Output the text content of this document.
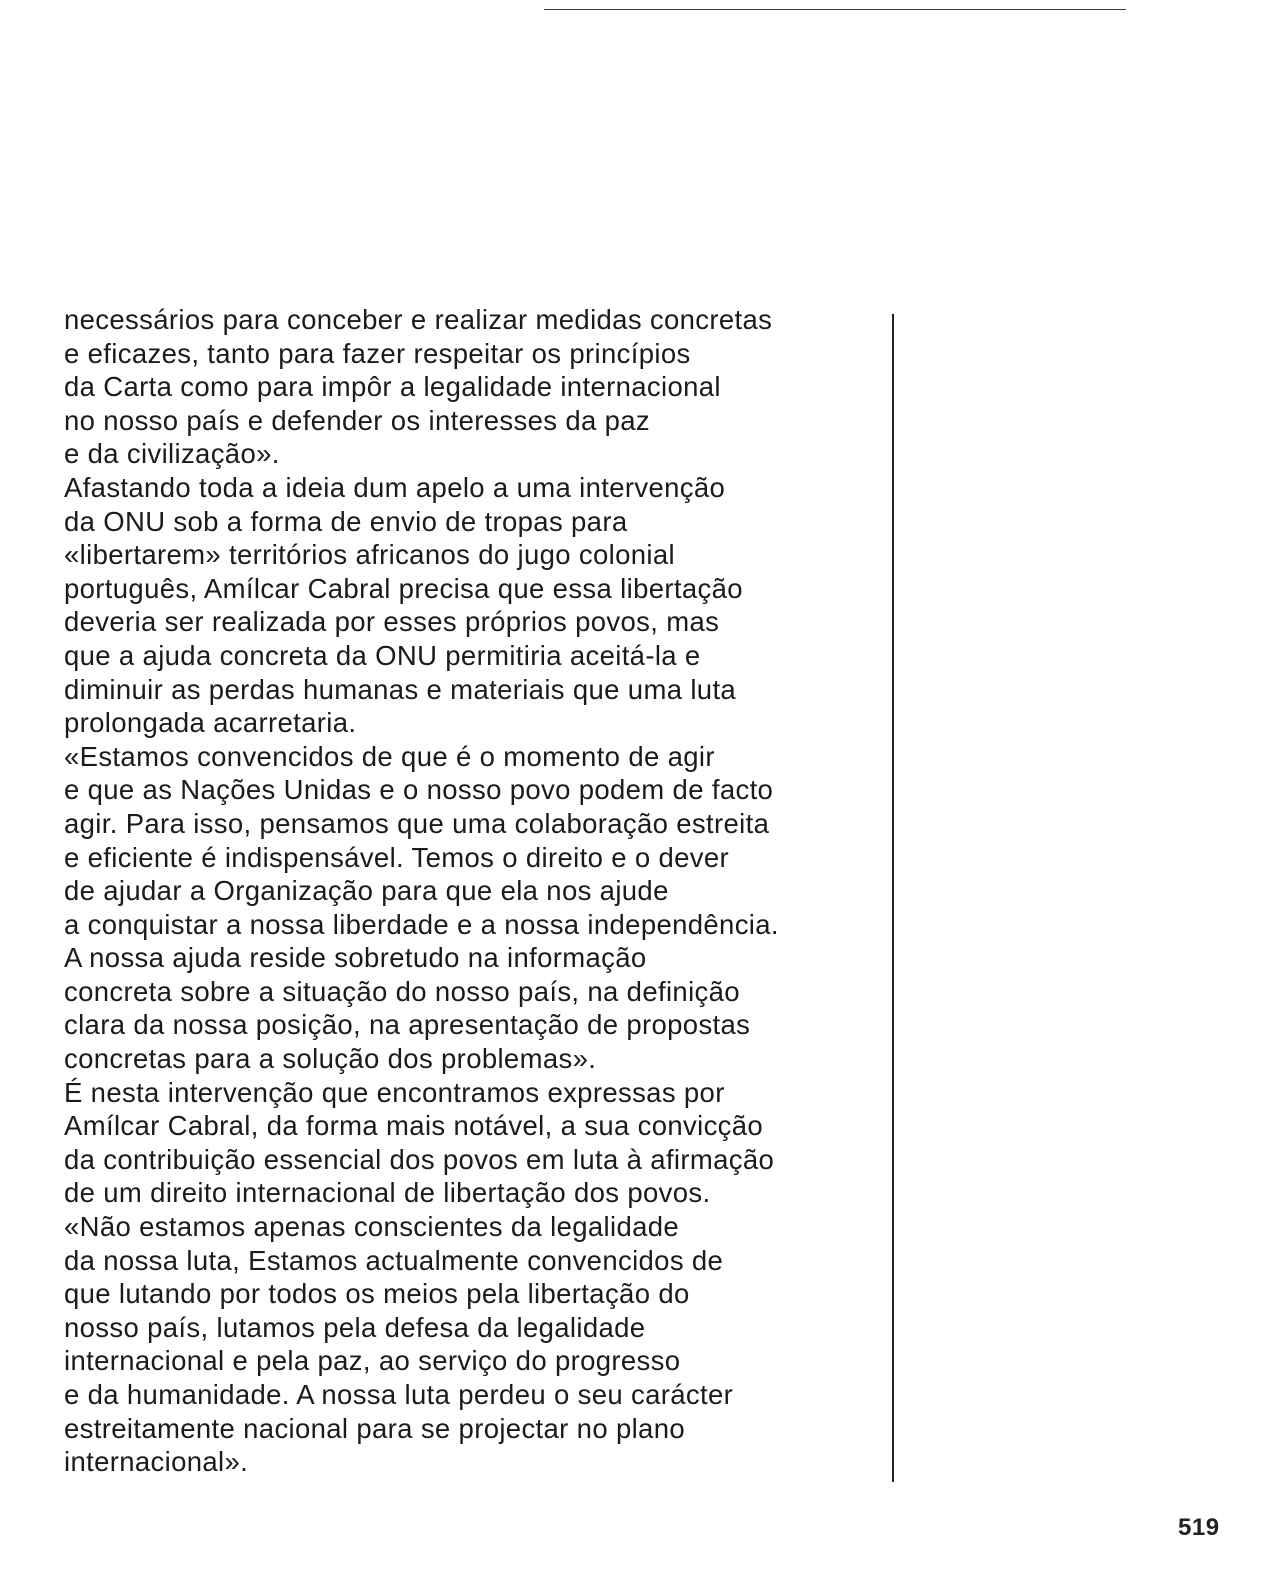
necessários para conceber e realizar medidas concretas
e eficazes, tanto para fazer respeitar os princípios
da Carta como para impôr a legalidade internacional
no nosso país e defender os interesses da paz
e da civilização».
Afastando toda a ideia dum apelo a uma intervenção
da ONU sob a forma de envio de tropas para
«libertarem» territórios africanos do jugo colonial
português, Amílcar Cabral precisa que essa libertação
deveria ser realizada por esses próprios povos, mas
que a ajuda concreta da ONU permitiria aceitá-la e
diminuir as perdas humanas e materiais que uma luta
prolongada acarretaria.
«Estamos convencidos de que é o momento de agir
e que as Nações Unidas e o nosso povo podem de facto
agir. Para isso, pensamos que uma colaboração estreita
e eficiente é indispensável. Temos o direito e o dever
de ajudar a Organização para que ela nos ajude
a conquistar a nossa liberdade e a nossa independência.
A nossa ajuda reside sobretudo na informação
concreta sobre a situação do nosso país, na definição
clara da nossa posição, na apresentação de propostas
concretas para a solução dos problemas».
É nesta intervenção que encontramos expressas por
Amílcar Cabral, da forma mais notável, a sua convicção
da contribuição essencial dos povos em luta à afirmação
de um direito internacional de libertação dos povos.
«Não estamos apenas conscientes da legalidade
da nossa luta, Estamos actualmente convencidos de
que lutando por todos os meios pela libertação do
nosso país, lutamos pela defesa da legalidade
internacional e pela paz, ao serviço do progresso
e da humanidade. A nossa luta perdeu o seu carácter
estreitamente nacional para se projectar no plano
internacional».
519
